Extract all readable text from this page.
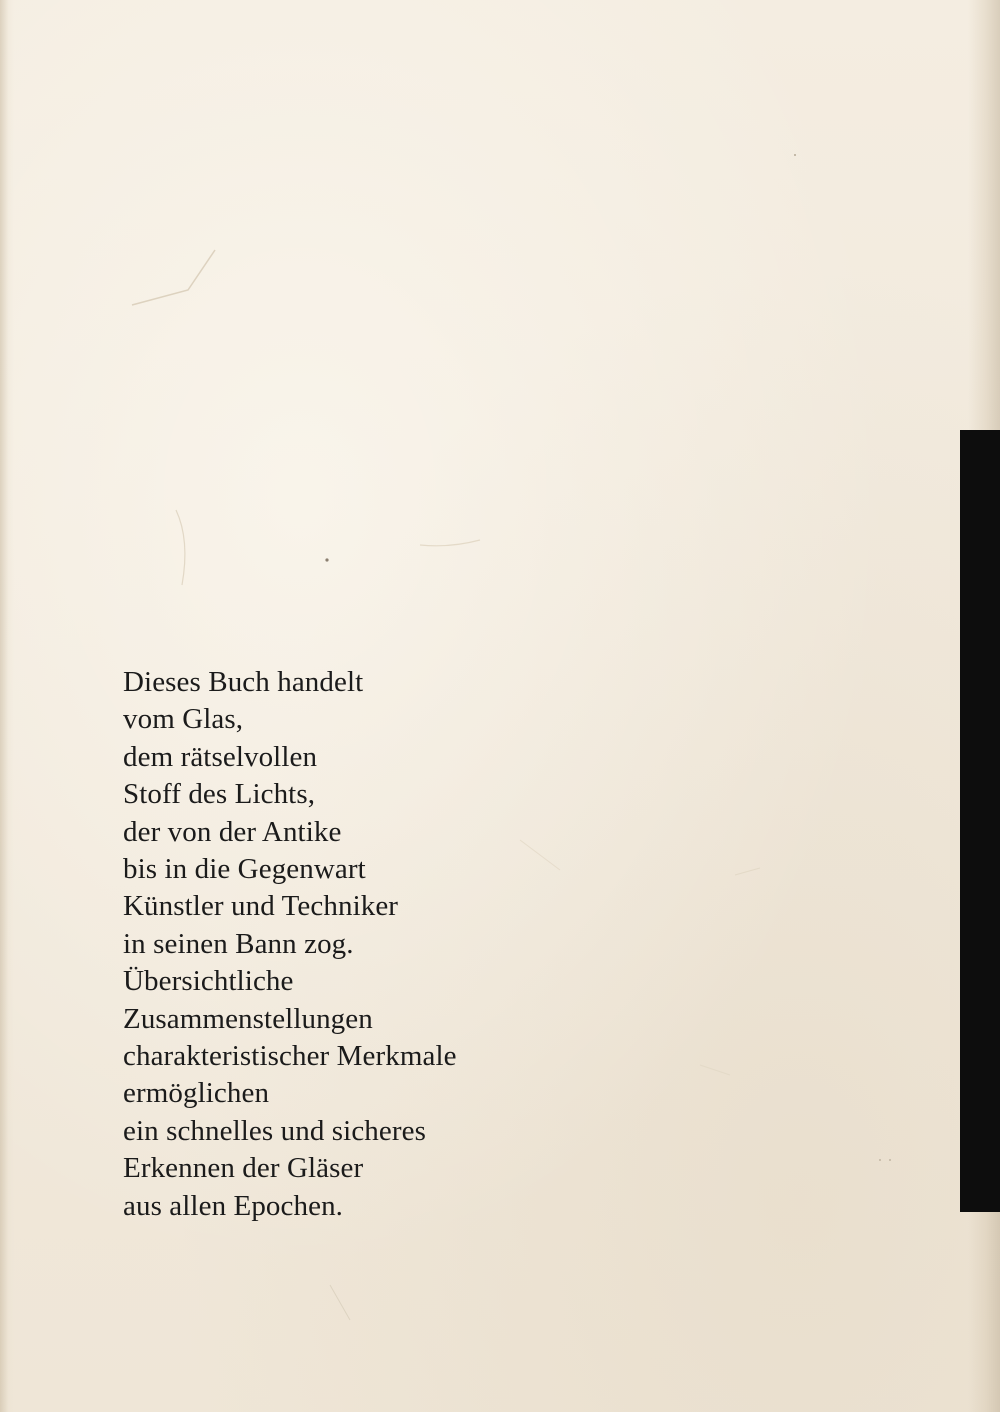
Dieses Buch handelt
vom Glas,
dem rätselvollen
Stoff des Lichts,
der von der Antike
bis in die Gegenwart
Künstler und Techniker
in seinen Bann zog.
Übersichtliche
Zusammenstellungen
charakteristischer Merkmale
ermöglichen
ein schnelles und sicheres
Erkennen der Gläser
aus allen Epochen.
